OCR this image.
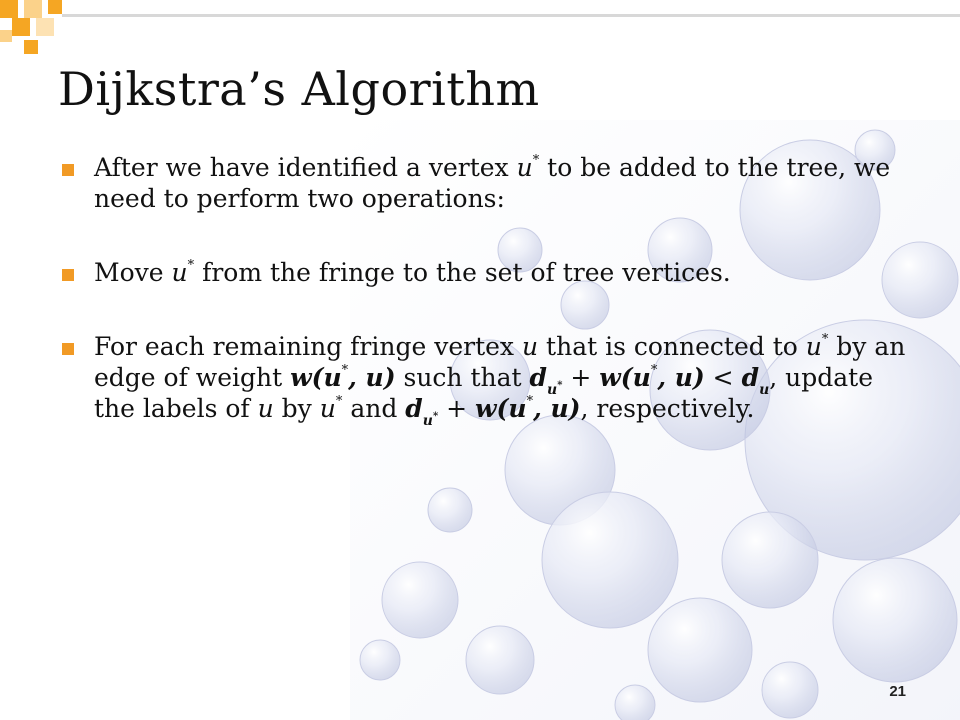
Dijkstra’s Algorithm
After we have identified a vertex u* to be added to the tree, we need to perform two operations:
Move u* from the fringe to the set of tree vertices.
For each remaining fringe vertex u that is connected to u* by an edge of weight w(u*, u) such that $d_{u^*} + w(u^*$, $u) < d_u$, update the labels of u by u* and $d_{u^*} + w(u^*$, u), respectively.
21
